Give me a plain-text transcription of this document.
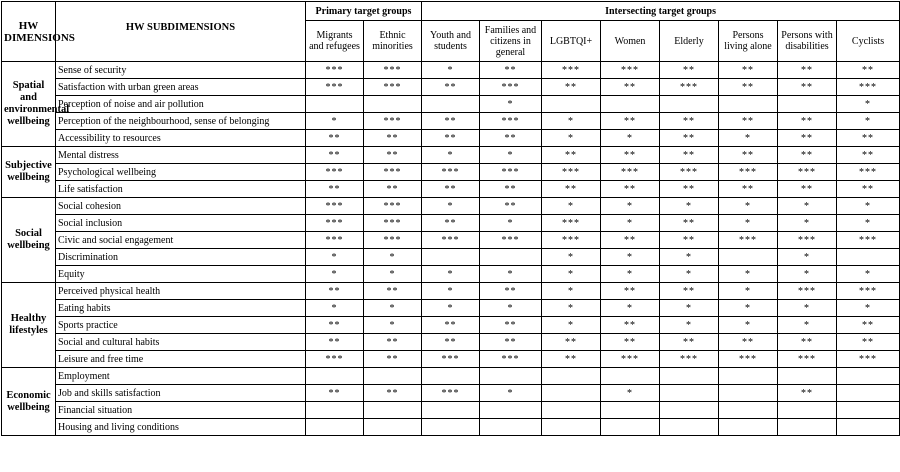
HW DIMENSIONS	HW SUBDIMENSIONS	Primary target groups		Intersecting target groups							
		Migrants and refugees	Ethnic minorities	Youth and students	Families and citizens in general	LGBTQI+	Women	Elderly	Persons living alone	Persons with disabilities	Cyclists
Spatial and environmental wellbeing	Sense of security	***	***	*	**	***	***	**	**	**	**
	Satisfaction with urban green areas	***	***	**	***	**	**	***	**	**	***
	Perception of noise and air pollution				*						*
	Perception of the neighbourhood, sense of belonging	*	***	**	***	*	**	**	**	**	*
	Accessibility to resources	**	**	**	**	*	*	**	*	**	**
Subjective wellbeing	Mental distress	**	**	*	*	**	**	**	**	**	**
	Psychological wellbeing	***	***	***	***	***	***	***	***	***	***
	Life satisfaction	**	**	**	**	**	**	**	**	**	**
Social wellbeing	Social cohesion	***	***	*	**	*	*	*	*	*	*
	Social inclusion	***	***	**	*	***	*	**	*	*	*
	Civic and social engagement	***	***	***	***	***	**	**	***	***	***
	Discrimination	*	*			*	*	*		*	
	Equity	*	*	*	*	*	*	*	*	*	*
Healthy lifestyles	Perceived physical health	**	**	*	**	*	**	**	*	***	***
	Eating habits	*	*	*	*	*	*	*	*	*	*
	Sports practice	**	*	**	**	*	**	*	*	*	**
	Social and cultural habits	**	**	**	**	**	**	**	**	**	**
	Leisure and free time	***	**	***	***	**	***	***	***	***	***
Economic wellbeing	Employment										
	Job and skills satisfaction	**	**	***	*		*			**	
	Financial situation										
	Housing and living conditions										
